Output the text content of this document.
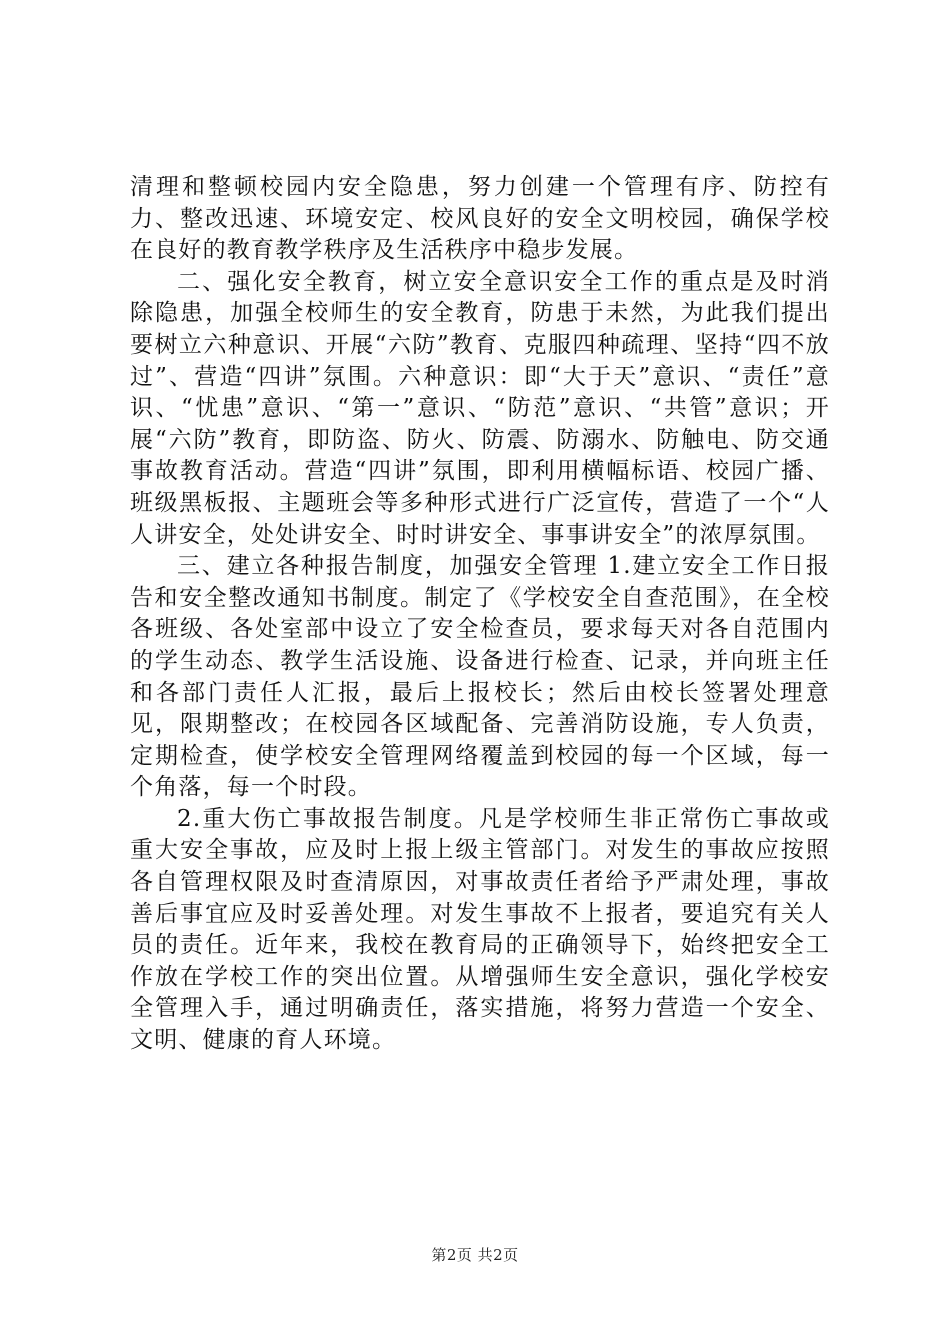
清理和整顿校园内安全隐患，努力创建一个管理有序、防控有力、整改迅速、环境安定、校风良好的安全文明校园，确保学校在良好的教育教学秩序及生活秩序中稳步发展。

二、强化安全教育，树立安全意识安全工作的重点是及时消除隐患，加强全校师生的安全教育，防患于未然，为此我们提出要树立六种意识、开展“六防”教育、克服四种疏理、坚持“四不放过”、营造“四讲”氛围。六种意识：即“大于天”意识、“责任”意识、“忧患”意识、“第一”意识、“防范”意识、“共管”意识；开展“六防”教育，即防盗、防火、防震、防溺水、防触电、防交通事故教育活动。营造“四讲”氛围，即利用横幅标语、校园广播、班级黑板报、主题班会等多种形式进行广泛宣传，营造了一个“人人讲安全，处处讲安全、时时讲安全、事事讲安全”的浓厚氛围。

三、建立各种报告制度，加强安全管理 1.建立安全工作日报告和安全整改通知书制度。制定了《学校安全自查范围》，在全校各班级、各处室部中设立了安全检查员，要求每天对各自范围内的学生动态、教学生活设施、设备进行检查、记录，并向班主任和各部门责任人汇报，最后上报校长；然后由校长签署处理意见，限期整改；在校园各区域配备、完善消防设施，专人负责，定期检查，使学校安全管理网络覆盖到校园的每一个区域，每一个角落，每一个时段。

2.重大伤亡事故报告制度。凡是学校师生非正常伤亡事故或重大安全事故，应及时上报上级主管部门。对发生的事故应按照各自管理权限及时查清原因，对事故责任者给予严肃处理，事故善后事宜应及时妥善处理。对发生事故不上报者，要追究有关人员的责任。近年来，我校在教育局的正确领导下，始终把安全工作放在学校工作的突出位置。从增强师生安全意识，强化学校安全管理入手，通过明确责任，落实措施，将努力营造一个安全、文明、健康的育人环境。

第2页 共2页
